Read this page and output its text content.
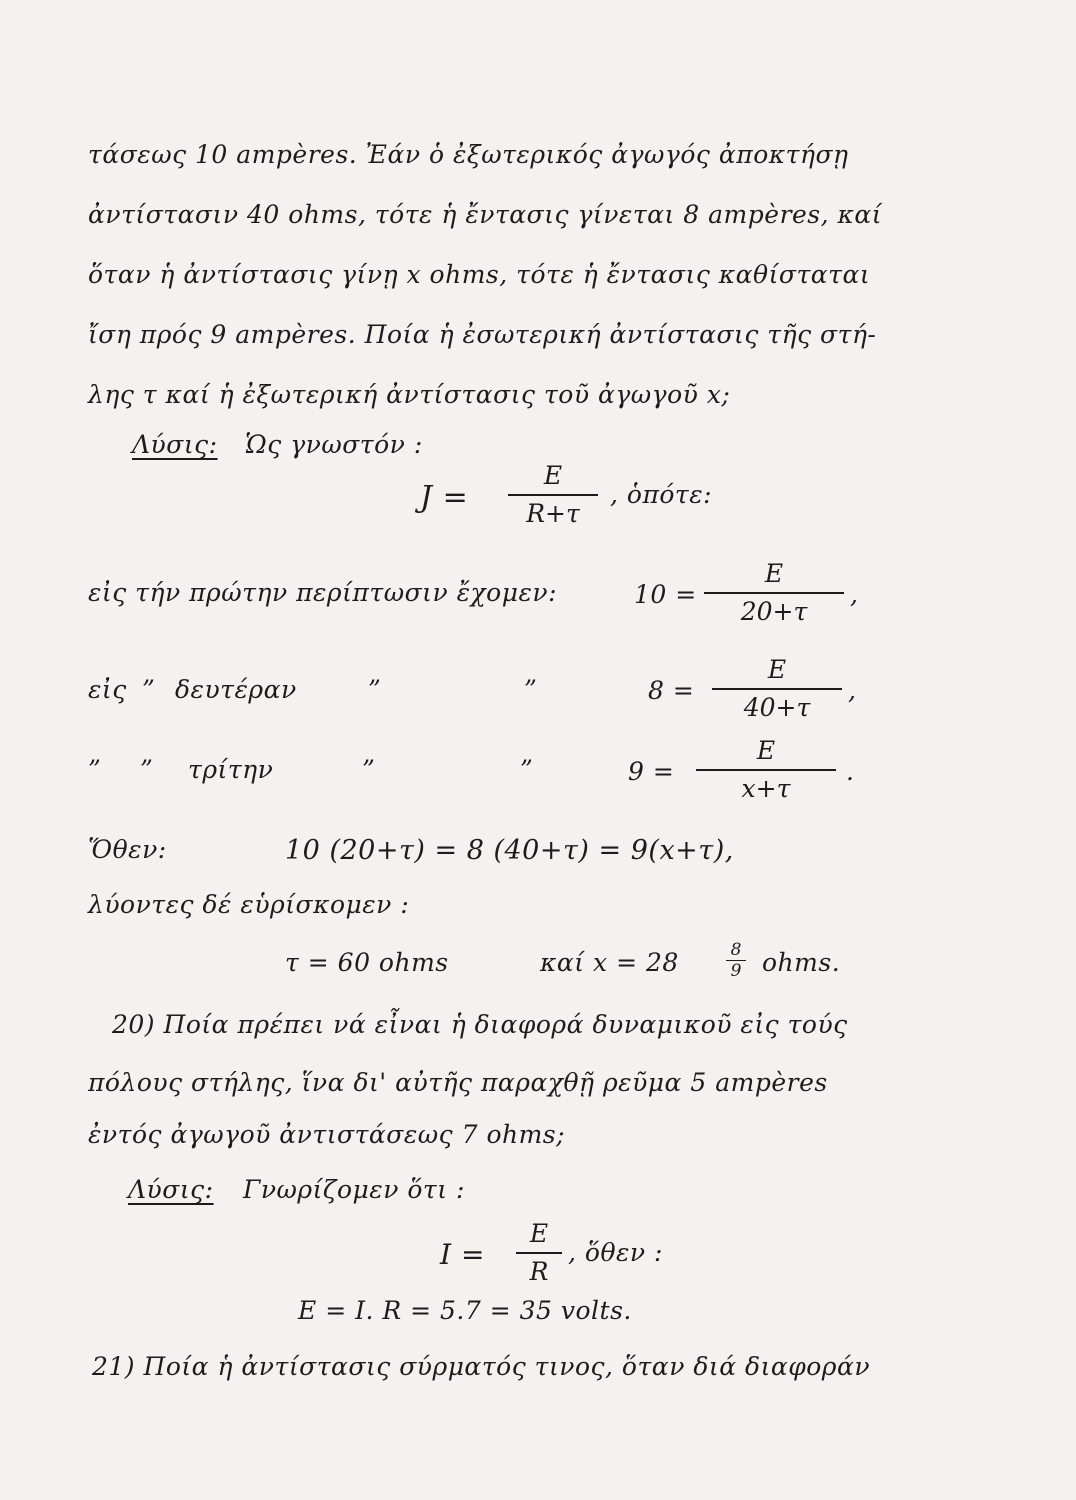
τάσεως 10 ampères. Ἐάν ὁ ἐξωτερικός ἀγωγός ἀποκτήσῃ
ἀντίστασιν 40 ohms, τότε ἡ ἔντασις γίνεται 8 ampères, καί
ὅταν ἡ ἀντίστασις γίνῃ x ohms, τότε ἡ ἔντασις καθίσταται
ἴση πρός 9 ampères. Ποία ἡ ἐσωτερική ἀντίστασις τῆς στή-
λης τ καί ἡ ἐξωτερική ἀντίστασις τοῦ ἀγωγοῦ x;
Λύσις: Ὡς γνωστόν :
J =
E
R+τ
, ὁπότε:
εἰς τήν πρώτην περίπτωσιν ἔχομεν:	10 =
E
20+τ
,
εἰς ” δευτέραν	”	”	8 =
E
40+τ
,
” ” τρίτην	”	”	9 =
E
x+τ
.
Ὅθεν:	10 (20+τ) = 8 (40+τ) = 9(x+τ),
λύοντες δέ εὑρίσκομεν :
τ = 60 ohms	καί x = 28	8
9 ohms.
20) Ποία πρέπει νά εἶναι ἡ διαφορά δυναμικοῦ εἰς τούς
πόλους στήλης, ἵνα δι' αὐτῆς παραχθῇ ρεῦμα 5 ampères
ἐντός ἀγωγοῦ ἀντιστάσεως 7 ohms;
Λύσις: Γνωρίζομεν ὅτι :
I =
E
R
, ὅθεν :
E = I. R = 5.7 = 35 volts.
21) Ποία ἡ ἀντίστασις σύρματός τινος, ὅταν διά διαφοράν
